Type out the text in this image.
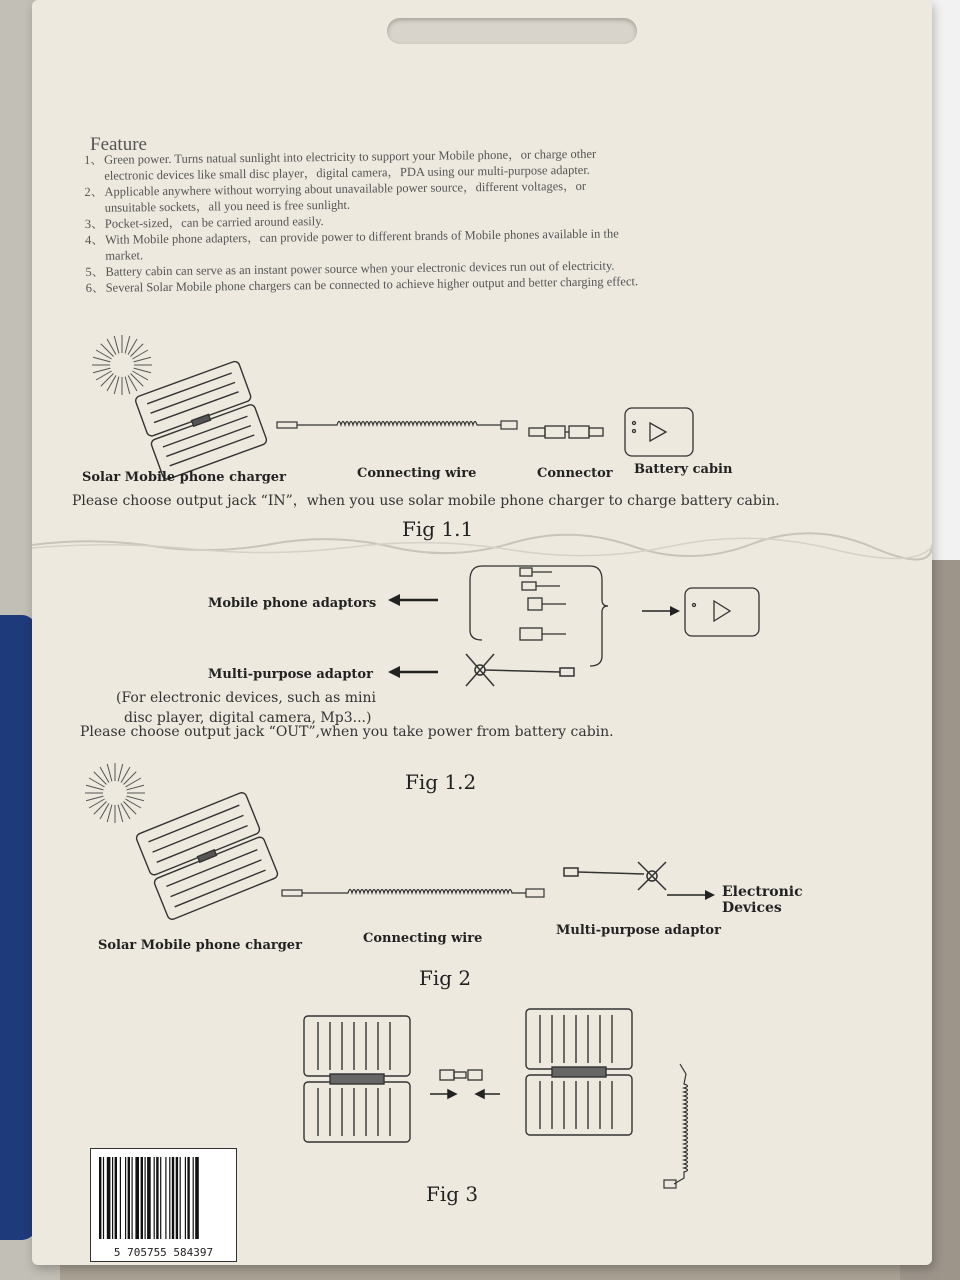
Feature
1、Green power. Turns natual sunlight into electricity to support your Mobile phone，or charge other
electronic devices like small disc player，digital camera，PDA using our multi-purpose adapter.
2、Applicable anywhere without worrying about unavailable power source，different voltages，or
unsuitable sockets，all you need is free sunlight.
3、Pocket-sized，can be carried around easily.
4、With Mobile phone adapters，can provide power to different brands of Mobile phones available in the
market.
5、Battery cabin can serve as an instant power source when your electronic devices run out of electricity.
6、Several Solar Mobile phone chargers can be connected to achieve higher output and better charging effect.
Solar Mobile phone charger	Connecting wire	Connector Battery cabin
Please choose output jack “IN”，when you use solar mobile phone charger to charge battery cabin.
Fig 1.1
Mobile phone adaptors
Multi-purpose adaptor
(For electronic devices, such as mini
disc player, digital camera, Mp3...)
Please choose output jack “OUT”,when you take power from battery cabin.
Fig 1.2
Electronic
Devices
Solar Mobile phone charger	Connecting wire
Multi-purpose adaptor
Fig 2
Fig 3
5 705755 584397
